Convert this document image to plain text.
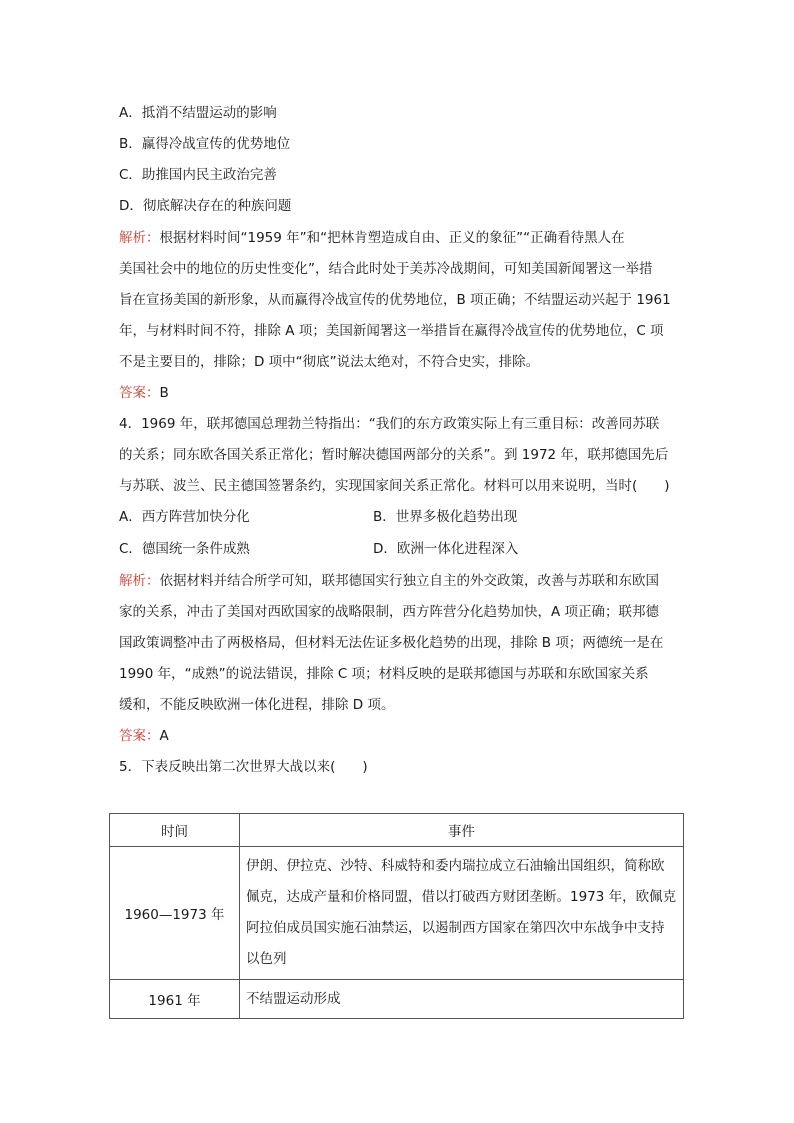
A．抵消不结盟运动的影响
B．赢得冷战宣传的优势地位
C．助推国内民主政治完善
D．彻底解决存在的种族问题
解析：根据材料时间“1959 年”和“把林肯塑造成自由、正义的象征”“正确看待黑人在
美国社会中的地位的历史性变化”，结合此时处于美苏冷战期间，可知美国新闻署这一举措
旨在宣扬美国的新形象，从而赢得冷战宣传的优势地位，B 项正确；不结盟运动兴起于 1961
年，与材料时间不符，排除 A 项；美国新闻署这一举措旨在赢得冷战宣传的优势地位，C 项
不是主要目的，排除；D 项中“彻底”说法太绝对，不符合史实，排除。
答案：B
4．1969 年，联邦德国总理勃兰特指出：“我们的东方政策实际上有三重目标：改善同苏联
的关系；同东欧各国关系正常化；暂时解决德国两部分的关系”。到 1972 年，联邦德国先后
与苏联、波兰、民主德国签署条约，实现国家间关系正常化。材料可以用来说明，当时(　　)
A．西方阵营加快分化	B．世界多极化趋势出现
C．德国统一条件成熟	D．欧洲一体化进程深入
解析：依据材料并结合所学可知，联邦德国实行独立自主的外交政策，改善与苏联和东欧国
家的关系，冲击了美国对西欧国家的战略限制，西方阵营分化趋势加快，A 项正确；联邦德
国政策调整冲击了两极格局，但材料无法佐证多极化趋势的出现，排除 B 项；两德统一是在
1990 年，“成熟”的说法错误，排除 C 项；材料反映的是联邦德国与苏联和东欧国家关系
缓和，不能反映欧洲一体化进程，排除 D 项。
答案：A
5．下表反映出第二次世界大战以来(　　)
时间	事件
1960—1973 年	伊朗、伊拉克、沙特、科威特和委内瑞拉成立石油输出国组织，简称欧佩克，达成产量和价格同盟，借以打破西方财团垄断。1973 年，欧佩克阿拉伯成员国实施石油禁运，以遏制西方国家在第四次中东战争中支持以色列
1961 年	不结盟运动形成
